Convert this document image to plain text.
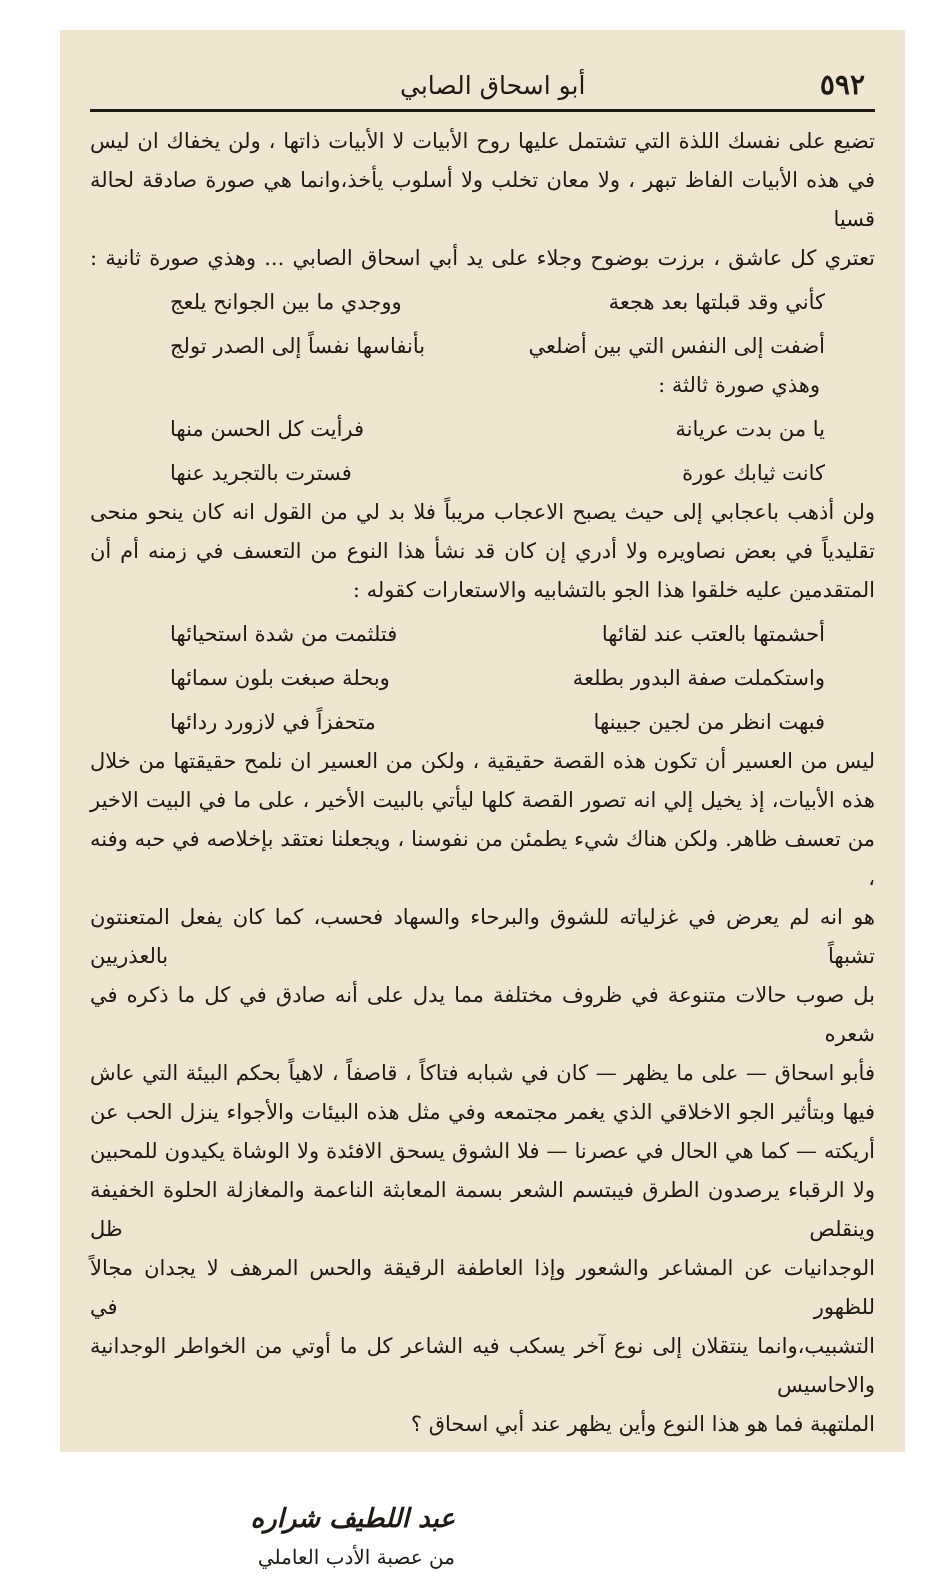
٥٩٢
أبو اسحاق الصابي
تضيع على نفسك اللذة التي تشتمل عليها روح الأبيات لا الأبيات ذاتها ، ولن يخفاك ان ليس
في هذه الأبيات الفاظ تبهر ، ولا معان تخلب ولا أسلوب يأخذ،وانما هي صورة صادقة لحالة قسيا
تعتري كل عاشق ، برزت بوضوح وجلاء على يد أبي اسحاق الصابي ... وهذي صورة ثانية :
كأني وقد قبلتها بعد هجعة
ووجدي ما بين الجوانح يلعج
أضفت إلى النفس التي بين أضلعي
بأنفاسها نفساً إلى الصدر تولج
وهذي صورة ثالثة :
يا من بدت عريانة
فرأيت كل الحسن منها
كانت ثيابك عورة
فسترت بالتجريد عنها
ولن أذهب باعجابي إلى حيث يصبح الاعجاب مريباً فلا بد لي من القول انه كان ينحو منحى
تقليدياً في بعض نصاويره ولا أدري إن كان قد نشأ هذا النوع من التعسف في زمنه أم أن
المتقدمين عليه خلقوا هذا الجو بالتشابيه والاستعارات كقوله :
أحشمتها بالعتب عند لقائها
فتلثمت من شدة استحيائها
واستكملت صفة البدور بطلعة
وبحلة صبغت بلون سمائها
فبهت انظر من لجين جبينها
متحفزاً في لازورد ردائها
ليس من العسير أن تكون هذه القصة حقيقية ، ولكن من العسير ان نلمح حقيقتها من خلال
هذه الأبيات، إذ يخيل إلي انه تصور القصة كلها ليأتي بالبيت الأخير ، على ما في البيت الاخير
من تعسف ظاهر. ولكن هناك شيء يطمئن من نفوسنا ، ويجعلنا نعتقد بإخلاصه في حبه وفنه ،
هو انه لم يعرض في غزلياته للشوق والبرحاء والسهاد فحسب، كما كان يفعل المتعنتون تشبهاً بالعذريين
بل صوب حالات متنوعة في ظروف مختلفة مما يدل على أنه صادق في كل ما ذكره في شعره
فأبو اسحاق — على ما يظهر — كان في شبابه فتاكاً ، قاصفاً ، لاهياً بحكم البيئة التي عاش
فيها وبتأثير الجو الاخلاقي الذي يغمر مجتمعه وفي مثل هذه البيئات والأجواء ينزل الحب عن
أريكته — كما هي الحال في عصرنا — فلا الشوق يسحق الافئدة ولا الوشاة يكيدون للمحبين
ولا الرقباء يرصدون الطرق فيبتسم الشعر بسمة المعابثة الناعمة والمغازلة الحلوة الخفيفة وينقلص ظل
الوجدانيات عن المشاعر والشعور وإذا العاطفة الرقيقة والحس المرهف لا يجدان مجالاً للظهور في
التشبيب،وانما ينتقلان إلى نوع آخر يسكب فيه الشاعر كل ما أوتي من الخواطر الوجدانية والاحاسيس
الملتهبة فما هو هذا النوع وأين يظهر عند أبي اسحاق ؟
عبد اللطيف شراره
من عصبة الأدب العاملي
